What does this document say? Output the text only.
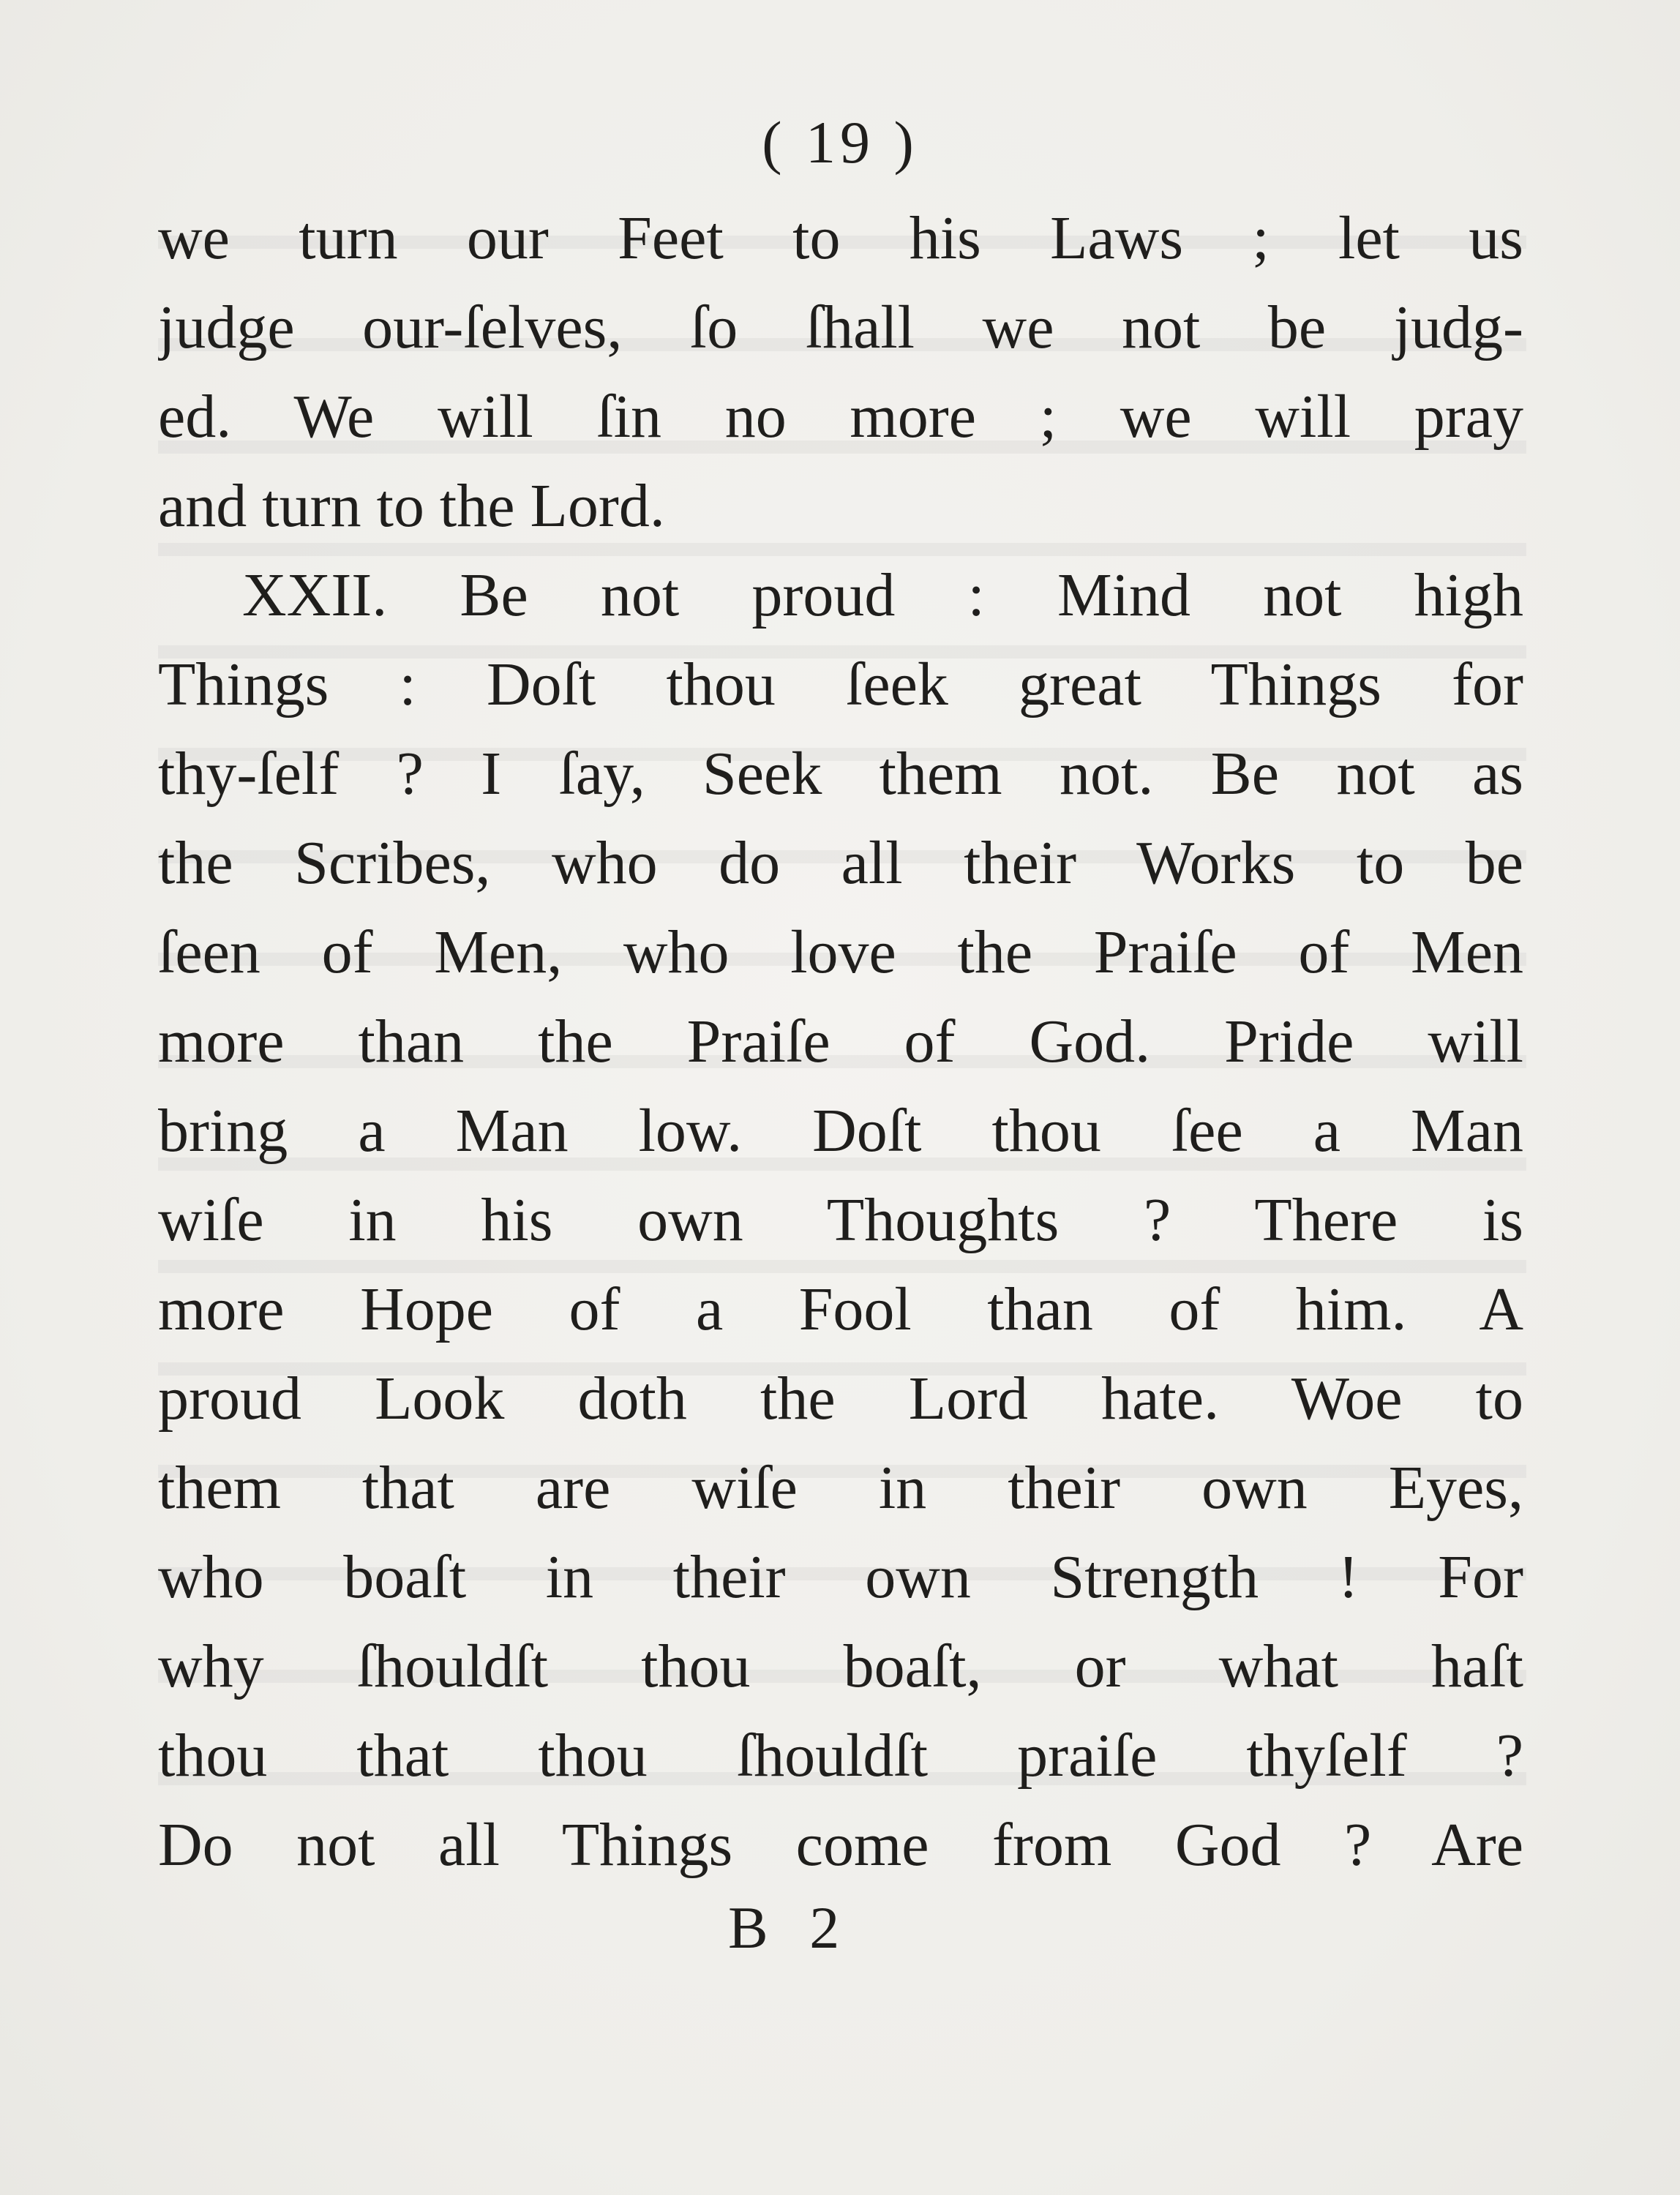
( 19 )
we turn our Feet to his Laws ; let us
judge our-ſelves, ſo ſhall we not be judg-
ed. We will ſin no more ; we will pray
and turn to the Lord.
XXII. Be not proud : Mind not high
Things : Doſt thou ſeek great Things for
thy-ſelf ? I ſay, Seek them not. Be not as
the Scribes, who do all their Works to be
ſeen of Men, who love the Praiſe of Men
more than the Praiſe of God. Pride will
bring a Man low. Doſt thou ſee a Man
wiſe in his own Thoughts ? There is
more Hope of a Fool than of him. A
proud Look doth the Lord hate. Woe to
them that are wiſe in their own Eyes,
who boaſt in their own Strength ! For
why ſhouldſt thou boaſt, or what haſt
thou that thou ſhouldſt praiſe thyſelf ?
Do not all Things come from God ? Are
B 2
